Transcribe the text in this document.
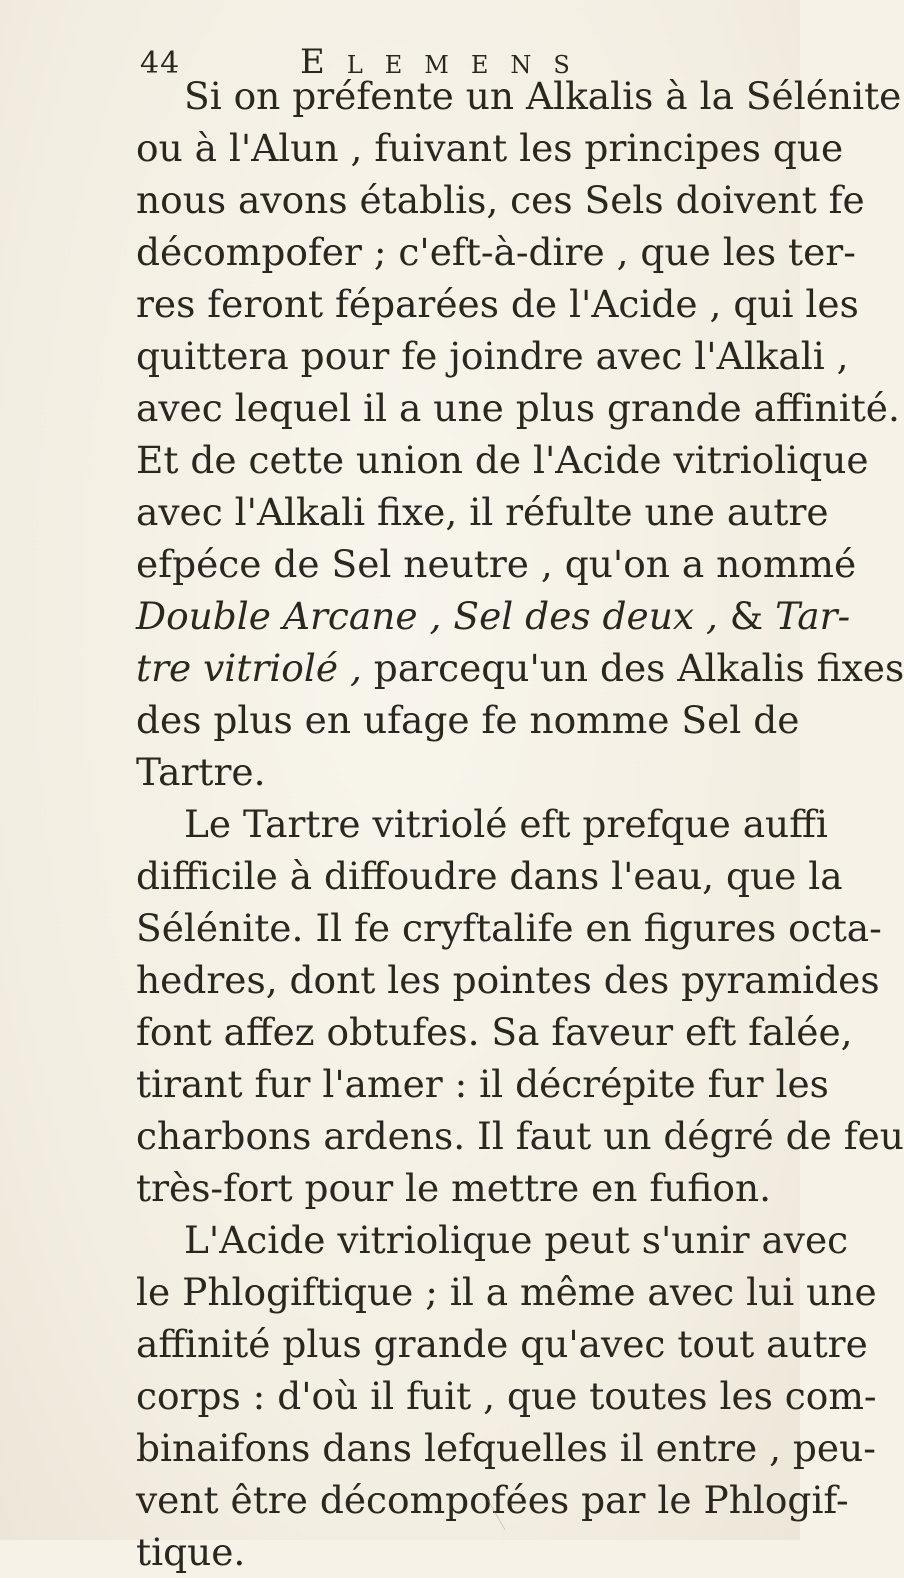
44	Elemens
Si on préfente un Alkalis à la Sélénite
ou à l'Alun , fuivant les principes que
nous avons établis, ces Sels doivent fe
décompofer ; c'eft-à-dire , que les ter-
res feront féparées de l'Acide , qui les
quittera pour fe joindre avec l'Alkali ,
avec lequel il a une plus grande affinité.
Et de cette union de l'Acide vitriolique
avec l'Alkali fixe, il réfulte une autre
efpéce de Sel neutre , qu'on a nommé
Double Arcane , Sel des deux , & Tar-
tre vitriolé , parcequ'un des Alkalis fixes
des plus en ufage fe nomme Sel de
Tartre.
Le Tartre vitriolé eft prefque auffi
difficile à diffoudre dans l'eau, que la
Sélénite. Il fe cryftalife en figures octa-
hedres, dont les pointes des pyramides
font affez obtufes. Sa faveur eft falée,
tirant fur l'amer : il décrépite fur les
charbons ardens. Il faut un dégré de feu
très-fort pour le mettre en fufion.
L'Acide vitriolique peut s'unir avec
le Phlogiftique ; il a même avec lui une
affinité plus grande qu'avec tout autre
corps : d'où il fuit , que toutes les com-
binaifons dans lefquelles il entre , peu-
vent être décompofées par le Phlogif-
tique.
